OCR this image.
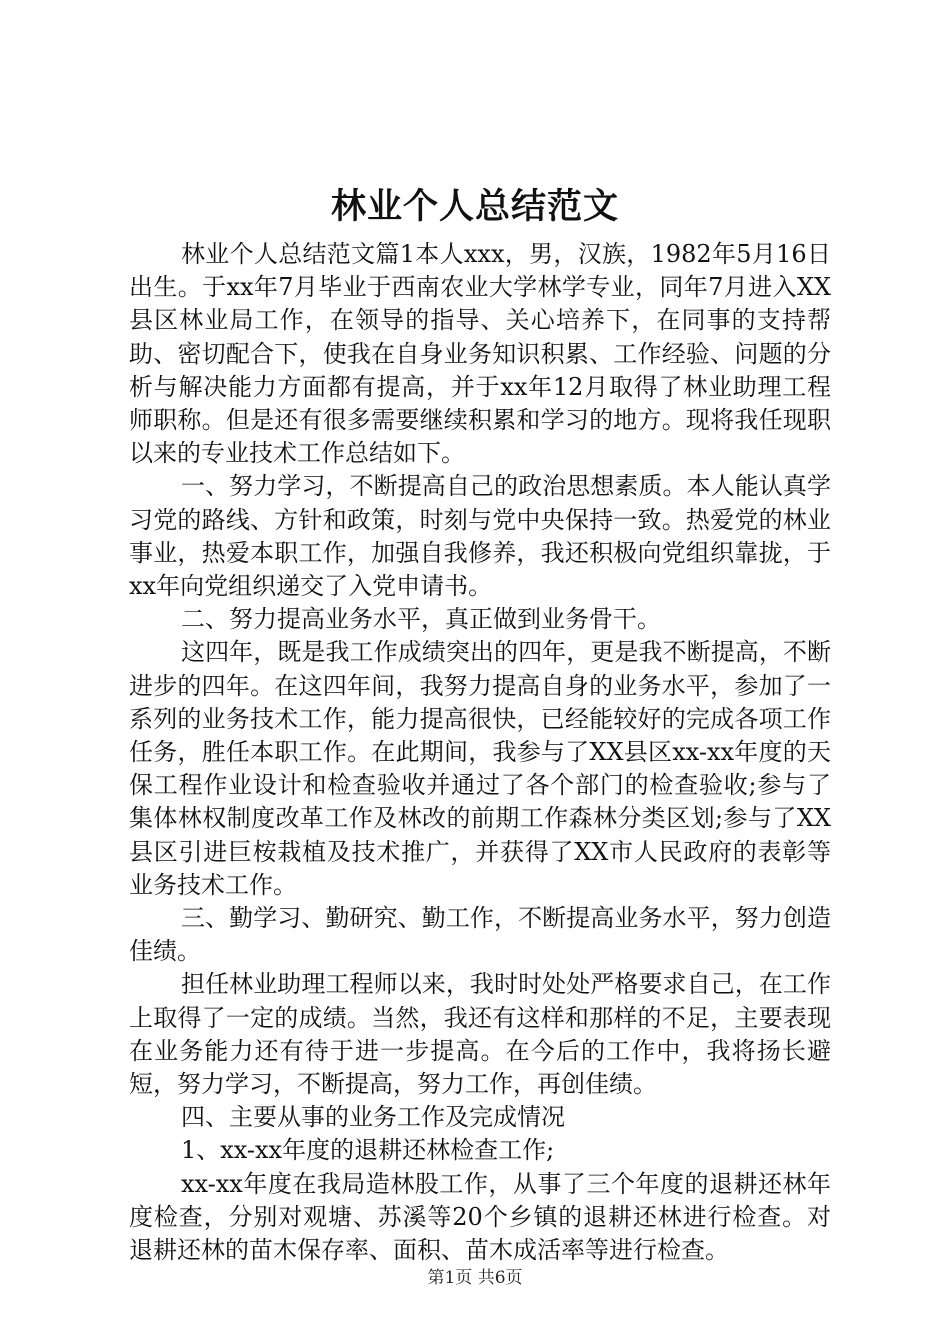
林业个人总结范文

林业个人总结范文篇1本人xxx，男，汉族，1982年5月16日出生。于xx年7月毕业于西南农业大学林学专业，同年7月进入XX县区林业局工作，在领导的指导、关心培养下，在同事的支持帮助、密切配合下，使我在自身业务知识积累、工作经验、问题的分析与解决能力方面都有提高，并于xx年12月取得了林业助理工程师职称。但是还有很多需要继续积累和学习的地方。现将我任现职以来的专业技术工作总结如下。

一、努力学习，不断提高自己的政治思想素质。本人能认真学习党的路线、方针和政策，时刻与党中央保持一致。热爱党的林业事业，热爱本职工作，加强自我修养，我还积极向党组织靠拢，于xx年向党组织递交了入党申请书。

二、努力提高业务水平，真正做到业务骨干。

这四年，既是我工作成绩突出的四年，更是我不断提高，不断进步的四年。在这四年间，我努力提高自身的业务水平，参加了一系列的业务技术工作，能力提高很快，已经能较好的完成各项工作任务，胜任本职工作。在此期间，我参与了XX县区xx-xx年度的天保工程作业设计和检查验收并通过了各个部门的检查验收;参与了集体林权制度改革工作及林改的前期工作森林分类区划;参与了XX县区引进巨桉栽植及技术推广，并获得了XX市人民政府的表彰等业务技术工作。

三、勤学习、勤研究、勤工作，不断提高业务水平，努力创造佳绩。

担任林业助理工程师以来，我时时处处严格要求自己，在工作上取得了一定的成绩。当然，我还有这样和那样的不足，主要表现在业务能力还有待于进一步提高。在今后的工作中，我将扬长避短，努力学习，不断提高，努力工作，再创佳绩。

四、主要从事的业务工作及完成情况

1、xx-xx年度的退耕还林检查工作;

xx-xx年度在我局造林股工作，从事了三个年度的退耕还林年度检查，分别对观塘、苏溪等20个乡镇的退耕还林进行检查。对退耕还林的苗木保存率、面积、苗木成活率等进行检查。

第1页 共6页
